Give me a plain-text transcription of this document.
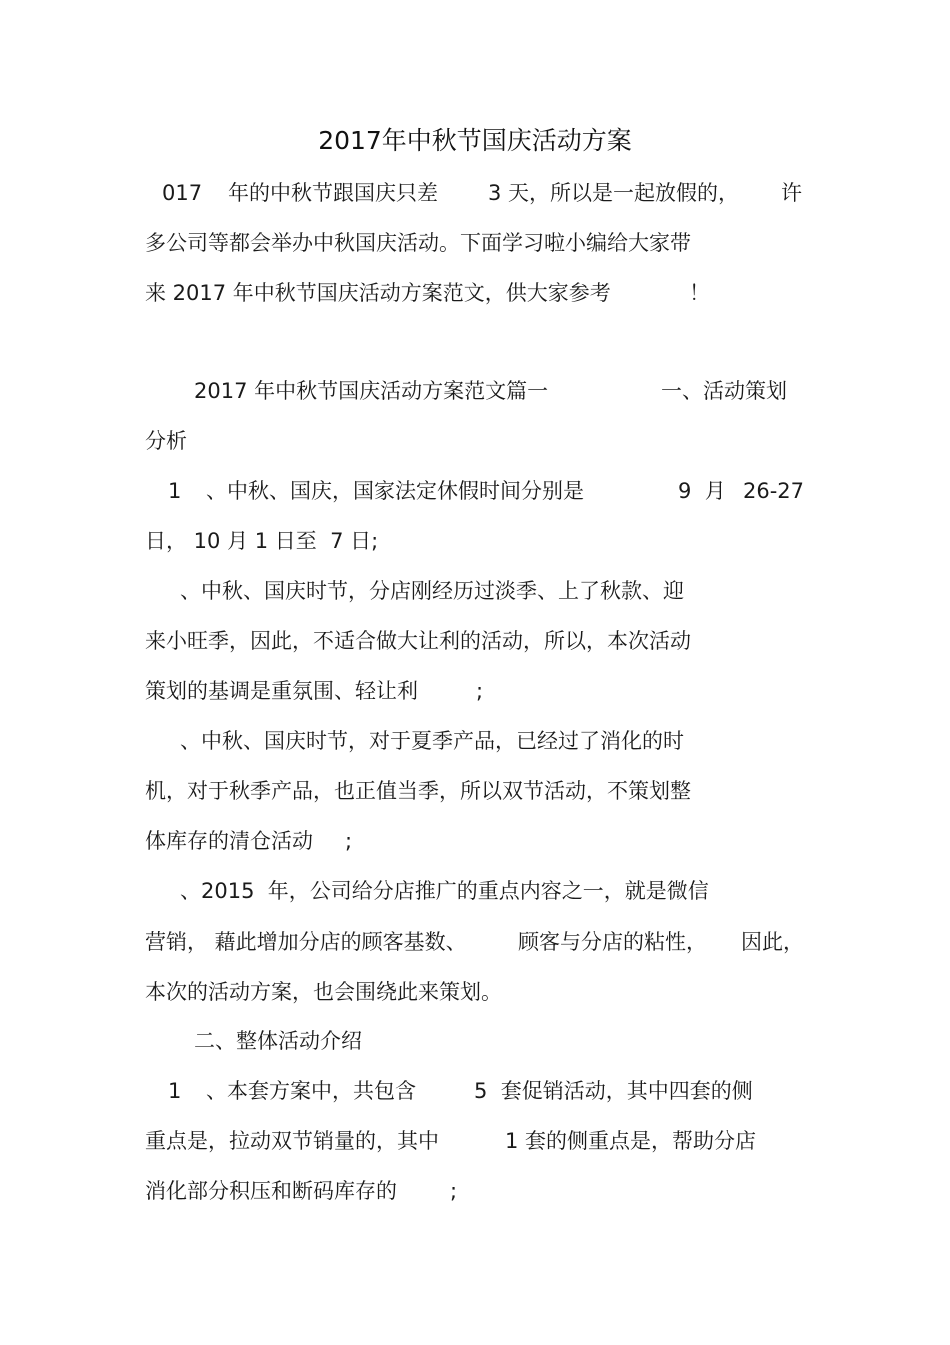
2017年中秋节国庆活动方案

017

年的中秋节跟国庆只差

3 天，所以是一起放假的，

许

多公司等都会举办中秋国庆活动。下面学习啦小编给大家带

来 2017 年中秋节国庆活动方案范文，供大家参考

	！

2017 年中秋节国庆活动方案范文篇一

	一、活动策划

分析

1

、中秋、国庆，国家法定休假时间分别是

	9  月

26-27

日， 10 月 1 日至  7 日;

、中秋、国庆时节，分店刚经历过淡季、上了秋款、迎

来小旺季，因此，不适合做大让利的活动，所以，本次活动

策划的基调是重氛围、轻让利

	;

、中秋、国庆时节，对于夏季产品，已经过了消化的时

机，对于秋季产品，也正值当季，所以双节活动，不策划整

体库存的清仓活动

;

、2015  年，公司给分店推广的重点内容之一，就是微信

营销， 藉此增加分店的顾客基数、

顾客与分店的粘性，

因此，

本次的活动方案，也会围绕此来策划。

二、整体活动介绍

1

、本套方案中，共包含

	5  套促销活动，其中四套的侧

重点是，拉动双节销量的，其中

	1 套的侧重点是，帮助分店

消化部分积压和断码库存的

	;
